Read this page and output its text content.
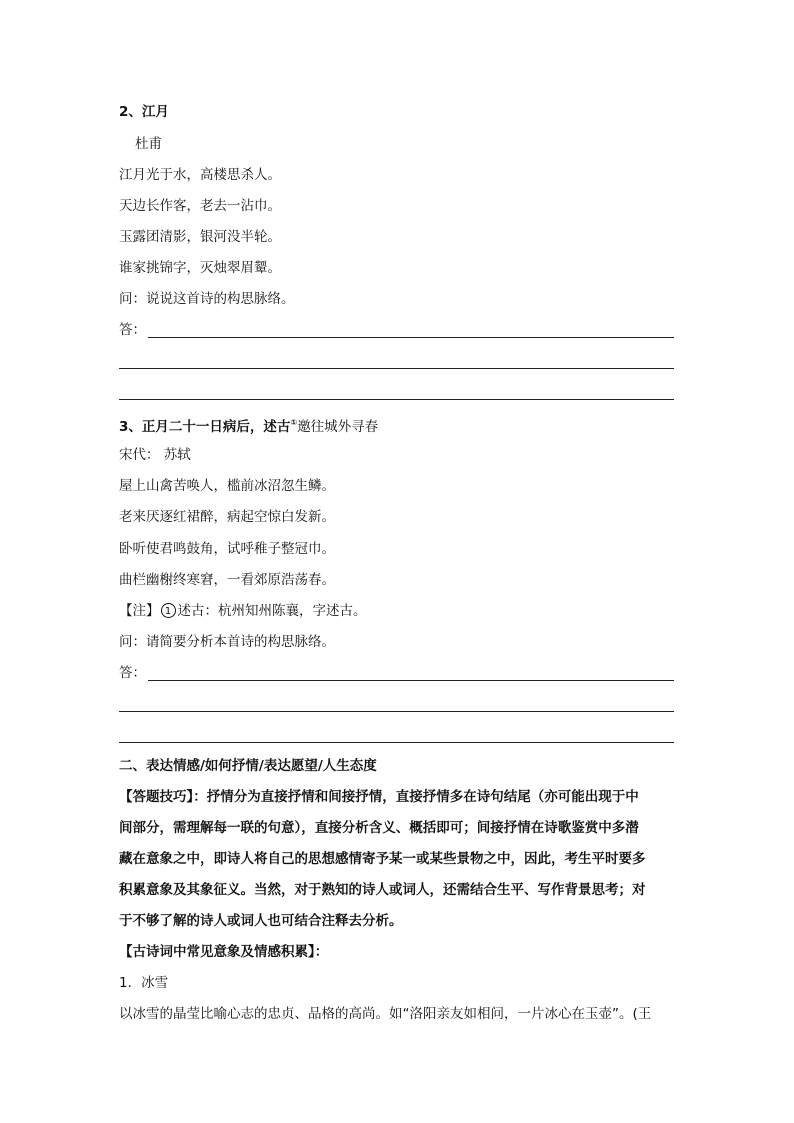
2、江月
杜甫
江月光于水，高楼思杀人。
天边长作客，老去一沾巾。
玉露团清影，银河没半轮。
谁家挑锦字，灭烛翠眉颦。
问：说说这首诗的构思脉络。
答：
3、正月二十一日病后，述古①邀往城外寻春
宋代： 苏轼
屋上山禽苦唤人，槛前冰沼忽生鳞。
老来厌逐红裙醉，病起空惊白发新。
卧听使君鸣鼓角，试呼稚子整冠巾。
曲栏幽榭终寒窘，一看郊原浩荡春。
【注】 1 述古：杭州知州陈襄，字述古。
问：请简要分析本首诗的构思脉络。
答：
二、表达情感/如何抒情/表达愿望/人生态度
【答题技巧】：抒情分为直接抒情和间接抒情，直接抒情多在诗句结尾（亦可能出现于中
间部分，需理解每一联的句意），直接分析含义、概括即可；间接抒情在诗歌鉴赏中多潜
藏在意象之中，即诗人将自己的思想感情寄予某一或某些景物之中，因此，考生平时要多
积累意象及其象征义。当然，对于熟知的诗人或词人，还需结合生平、写作背景思考；对
于不够了解的诗人或词人也可结合注释去分析。
【古诗词中常见意象及情感积累】：
1．冰雪
以冰雪的晶莹比喻心志的忠贞、品格的高尚。如“洛阳亲友如相问，一片冰心在玉壶”。(王
